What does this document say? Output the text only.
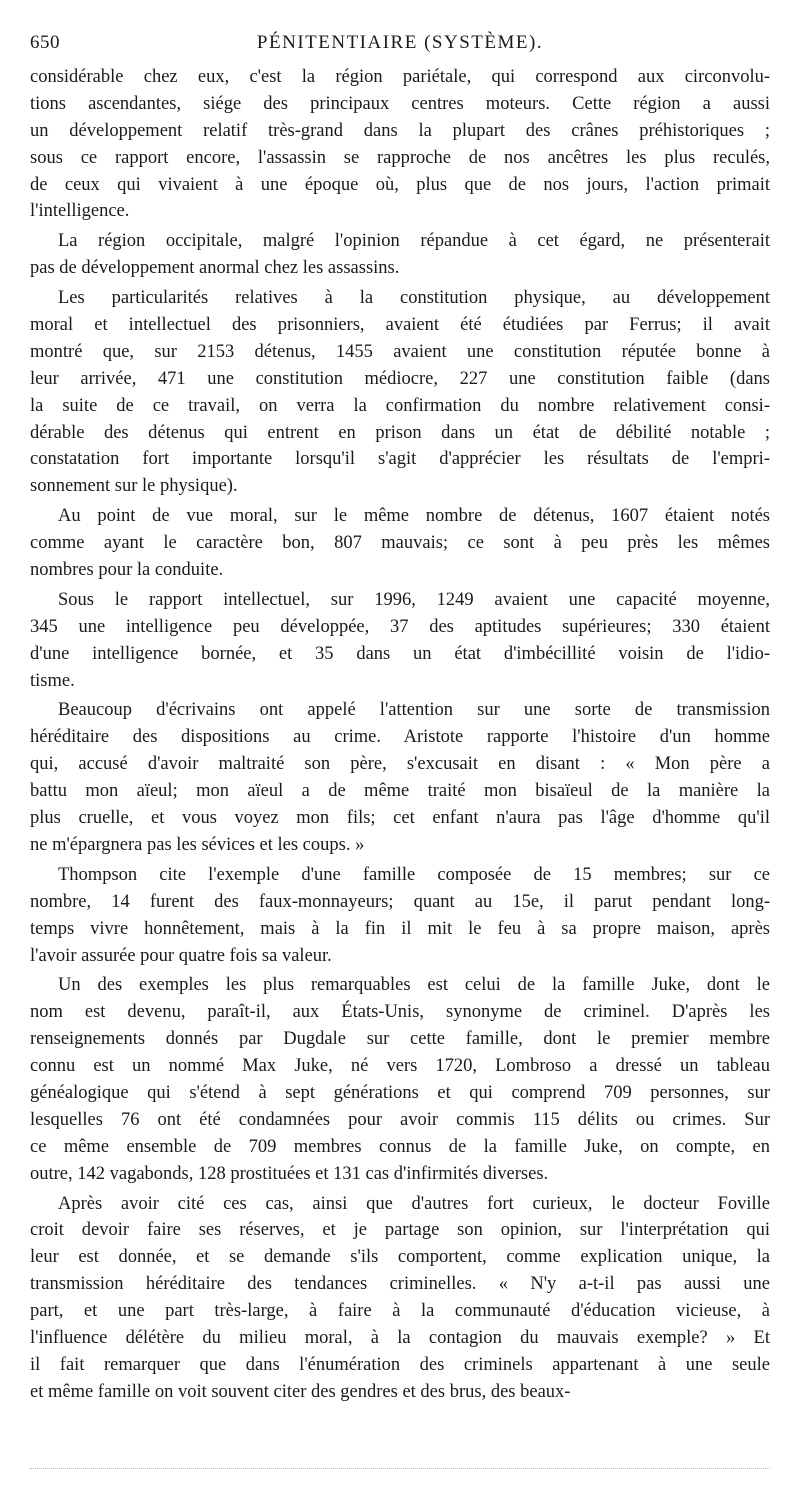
650	PÉNITENTIAIRE (SYSTÈME).
considérable chez eux, c'est la région pariétale, qui correspond aux circonvolu-
tions ascendantes, siége des principaux centres moteurs. Cette région a aussi
un développement relatif très-grand dans la plupart des crânes préhistoriques ;
sous ce rapport encore, l'assassin se rapproche de nos ancêtres les plus reculés,
de ceux qui vivaient à une époque où, plus que de nos jours, l'action primait
l'intelligence.
La région occipitale, malgré l'opinion répandue à cet égard, ne présenterait
pas de développement anormal chez les assassins.
Les particularités relatives à la constitution physique, au développement
moral et intellectuel des prisonniers, avaient été étudiées par Ferrus; il avait
montré que, sur 2153 détenus, 1455 avaient une constitution réputée bonne à
leur arrivée, 471 une constitution médiocre, 227 une constitution faible (dans
la suite de ce travail, on verra la confirmation du nombre relativement consi-
dérable des détenus qui entrent en prison dans un état de débilité notable ;
constatation fort importante lorsqu'il s'agit d'apprécier les résultats de l'empri-
sonnement sur le physique).
Au point de vue moral, sur le même nombre de détenus, 1607 étaient notés
comme ayant le caractère bon, 807 mauvais; ce sont à peu près les mêmes
nombres pour la conduite.
Sous le rapport intellectuel, sur 1996, 1249 avaient une capacité moyenne,
345 une intelligence peu développée, 37 des aptitudes supérieures; 330 étaient
d'une intelligence bornée, et 35 dans un état d'imbécillité voisin de l'idio-
tisme.
Beaucoup d'écrivains ont appelé l'attention sur une sorte de transmission
héréditaire des dispositions au crime. Aristote rapporte l'histoire d'un homme
qui, accusé d'avoir maltraité son père, s'excusait en disant : « Mon père a
battu mon aïeul; mon aïeul a de même traité mon bisaïeul de la manière la
plus cruelle, et vous voyez mon fils; cet enfant n'aura pas l'âge d'homme qu'il
ne m'épargnera pas les sévices et les coups. »
Thompson cite l'exemple d'une famille composée de 15 membres; sur ce
nombre, 14 furent des faux-monnayeurs; quant au 15e, il parut pendant long-
temps vivre honnêtement, mais à la fin il mit le feu à sa propre maison, après
l'avoir assurée pour quatre fois sa valeur.
Un des exemples les plus remarquables est celui de la famille Juke, dont le
nom est devenu, paraît-il, aux États-Unis, synonyme de criminel. D'après les
renseignements donnés par Dugdale sur cette famille, dont le premier membre
connu est un nommé Max Juke, né vers 1720, Lombroso a dressé un tableau
généalogique qui s'étend à sept générations et qui comprend 709 personnes, sur
lesquelles 76 ont été condamnées pour avoir commis 115 délits ou crimes. Sur
ce même ensemble de 709 membres connus de la famille Juke, on compte, en
outre, 142 vagabonds, 128 prostituées et 131 cas d'infirmités diverses.
Après avoir cité ces cas, ainsi que d'autres fort curieux, le docteur Foville
croit devoir faire ses réserves, et je partage son opinion, sur l'interprétation qui
leur est donnée, et se demande s'ils comportent, comme explication unique, la
transmission héréditaire des tendances criminelles. « N'y a-t-il pas aussi une
part, et une part très-large, à faire à la communauté d'éducation vicieuse, à
l'influence délétère du milieu moral, à la contagion du mauvais exemple? » Et
il fait remarquer que dans l'énumération des criminels appartenant à une seule
et même famille on voit souvent citer des gendres et des brus, des beaux-
